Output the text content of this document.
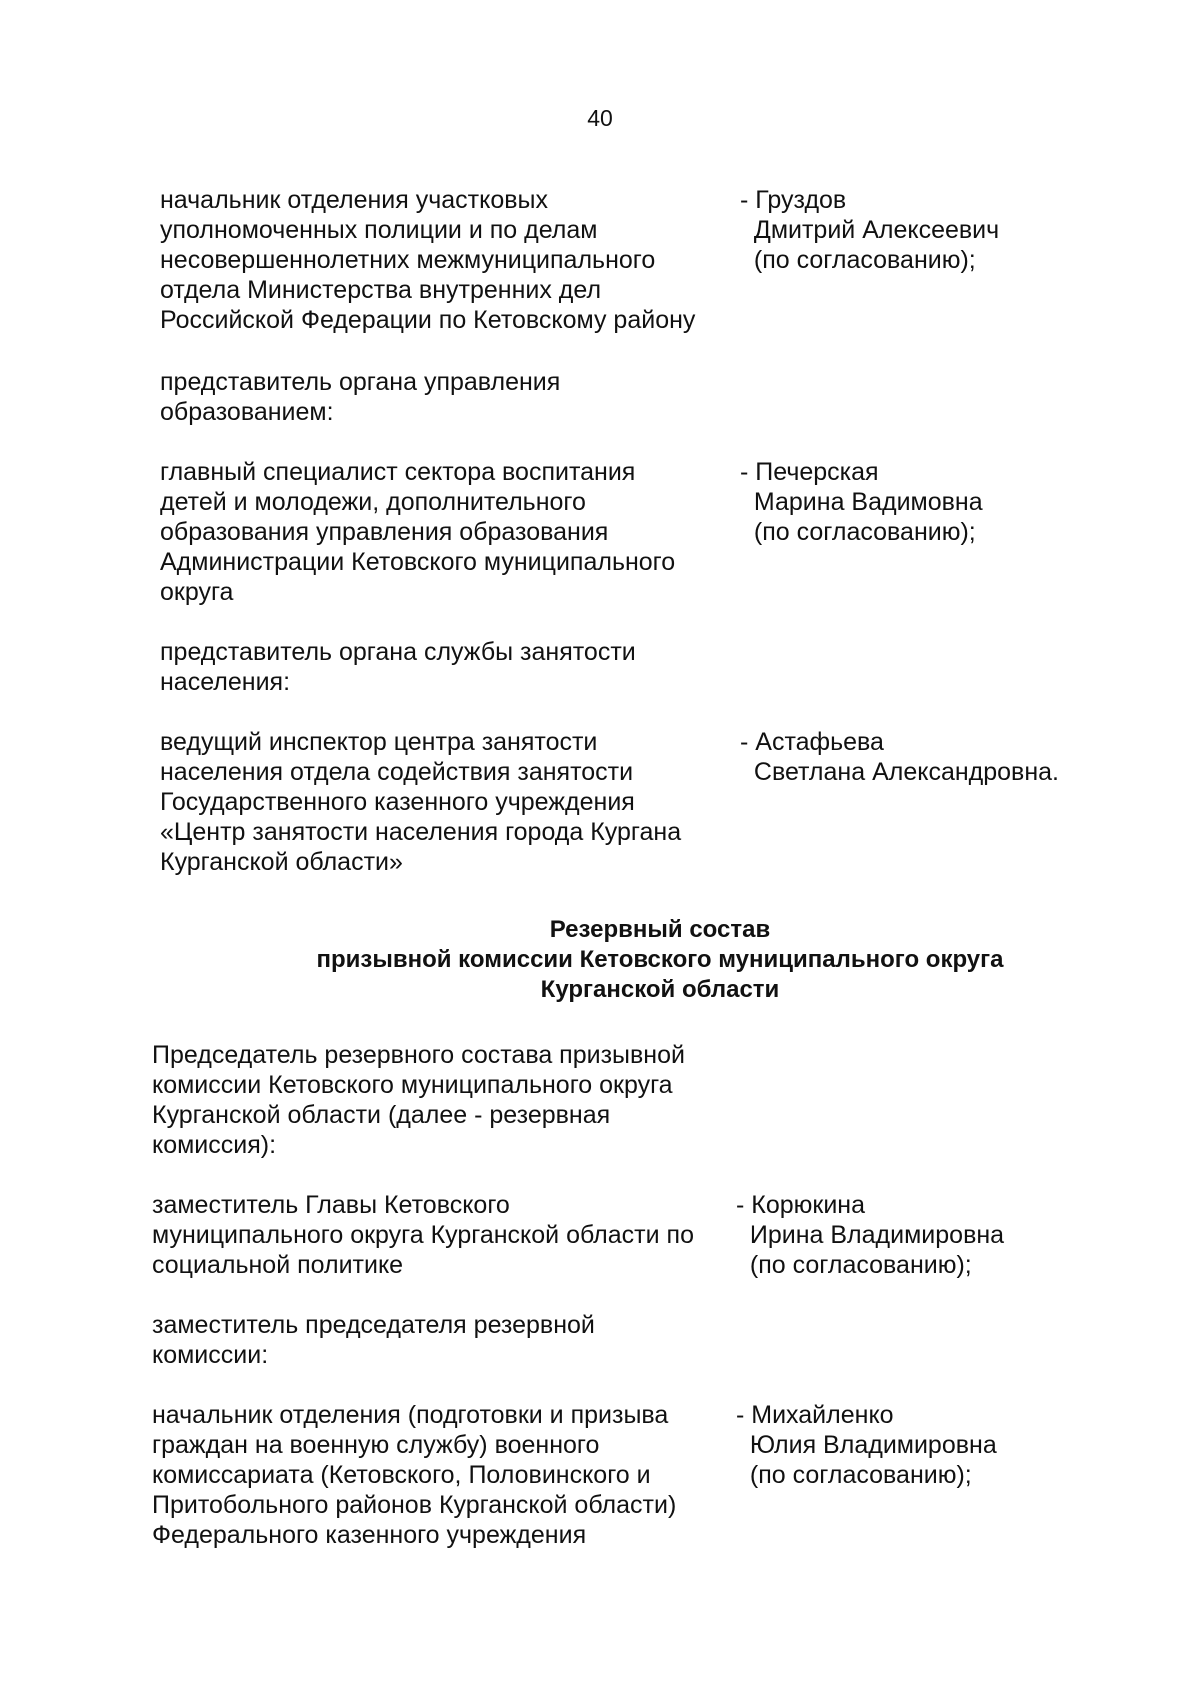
40
начальник отделения участковых
уполномоченных полиции и по делам
несовершеннолетних межмуниципального
отдела Министерства внутренних дел
Российской Федерации по Кетовскому району
- Груздов
Дмитрий Алексеевич
(по согласованию);
представитель органа управления
образованием:
главный специалист сектора воспитания
детей и молодежи, дополнительного
образования управления образования
Администрации Кетовского муниципального
округа
- Печерская
Марина Вадимовна
(по согласованию);
представитель органа службы занятости
населения:
ведущий инспектор центра занятости
населения отдела содействия занятости
Государственного казенного учреждения
«Центр занятости населения города Кургана
Курганской области»
- Астафьева
Светлана Александровна.
Резервный состав
призывной комиссии Кетовского муниципального округа
Курганской области
Председатель резервного состава призывной
комиссии Кетовского муниципального округа
Курганской области (далее - резервная
комиссия):
заместитель Главы Кетовского
муниципального округа Курганской области по
социальной политике
- Корюкина
Ирина Владимировна
(по согласованию);
заместитель председателя резервной
комиссии:
начальник отделения (подготовки и призыва
граждан на военную службу) военного
комиссариата (Кетовского, Половинского и
Притобольного районов Курганской области)
Федерального казенного учреждения
- Михайленко
Юлия Владимировна
(по согласованию);
